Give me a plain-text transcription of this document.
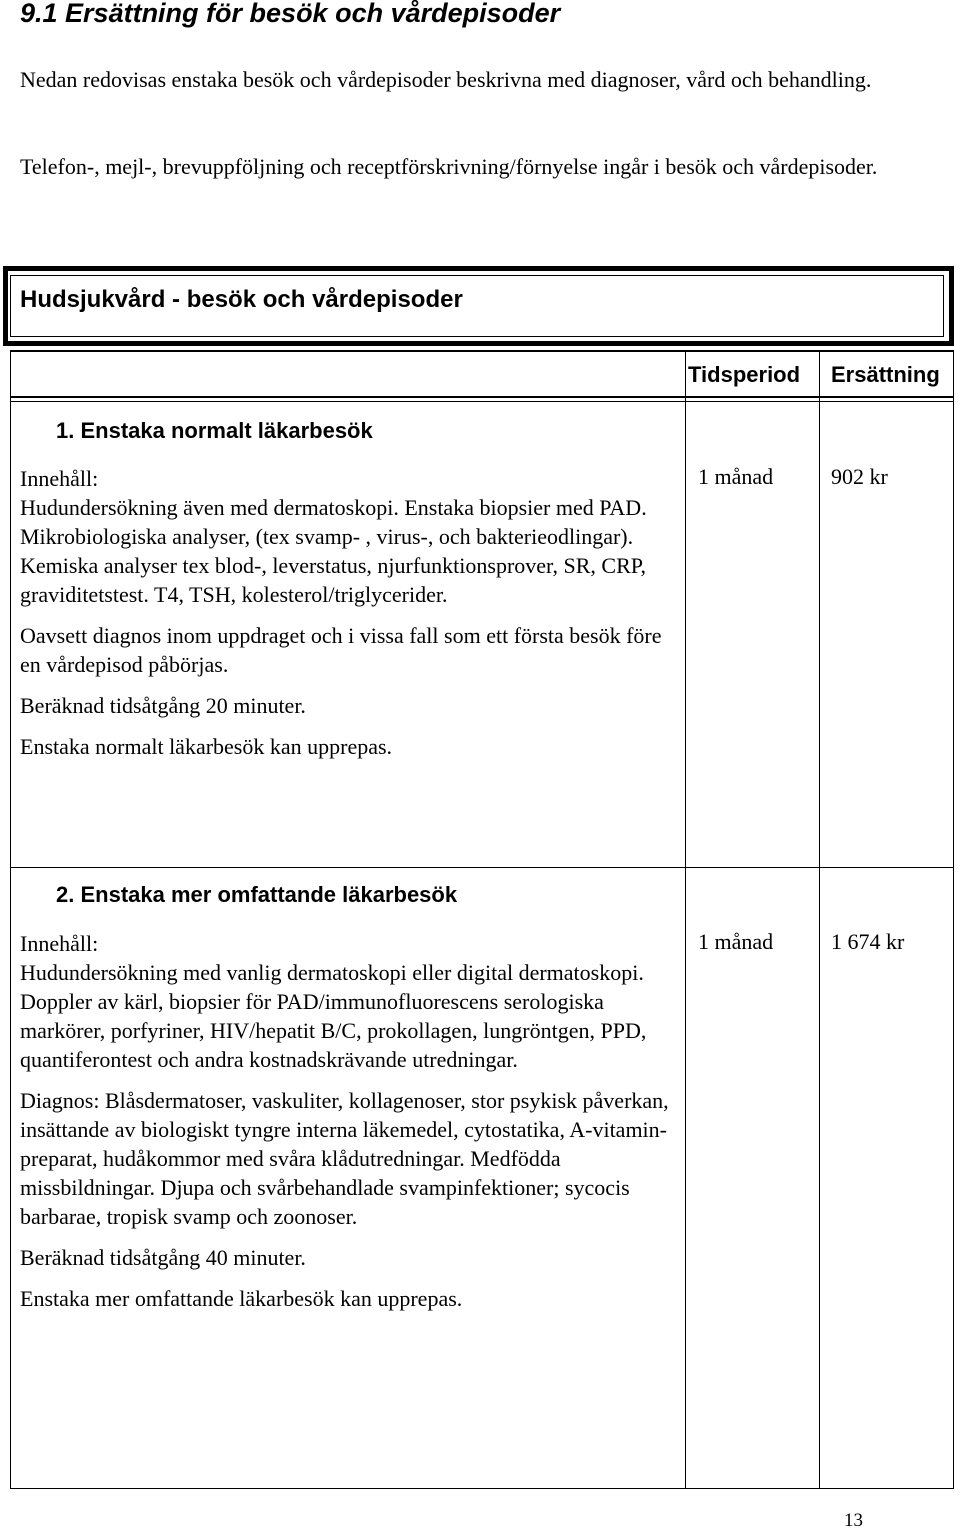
9.1 Ersättning för besök och vårdepisoder
Nedan redovisas enstaka besök och vårdepisoder beskrivna med diagnoser, vård och behandling.
Telefon-, mejl-, brevuppföljning och receptförskrivning/förnyelse ingår i besök och vårdepisoder.
Hudsjukvård - besök och vårdepisoder
Tidsperiod Ersättning
1. Enstaka normalt läkarbesök

Innehåll:
Hudundersökning även med dermatoskopi. Enstaka biopsier med PAD. Mikrobiologiska analyser, (tex svamp- , virus-, och bakterieodlingar). Kemiska analyser tex blod-, leverstatus, njurfunktionsprover, SR, CRP, graviditetstest. T4, TSH, kolesterol/triglycerider.

Oavsett diagnos inom uppdraget och i vissa fall som ett första besök före en vårdepisod påbörjas.

Beräknad tidsåtgång 20 minuter.

Enstaka normalt läkarbesök kan upprepas.

1 månad	902 kr
2. Enstaka mer omfattande läkarbesök

Innehåll:
Hudundersökning med vanlig dermatoskopi eller digital dermatoskopi. Doppler av kärl, biopsier för PAD/immunofluorescens serologiska markörer, porfyriner, HIV/hepatit B/C, prokollagen, lungröntgen, PPD, quantiferontest och andra kostnadskrävande utredningar.

Diagnos: Blåsdermatoser, vaskuliter, kollagenoser, stor psykisk påverkan, insättande av biologiskt tyngre interna läkemedel, cytostatika, A-vitamin-preparat, hudåkommor med svåra klådutredningar. Medfödda missbildningar. Djupa och svårbehandlade svampinfektioner; sycocis barbarae, tropisk svamp och zoonoser.

Beräknad tidsåtgång 40 minuter.

Enstaka mer omfattande läkarbesök kan upprepas.

1 månad	1 674 kr
13
